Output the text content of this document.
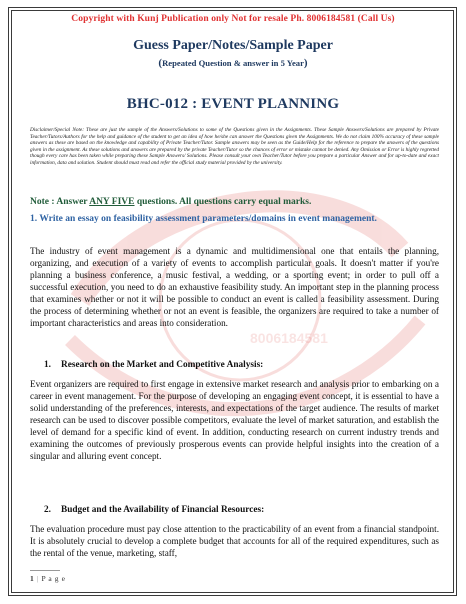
8006184581
Copyright with Kunj Publication only Not for resale Ph. 8006184581 (Call Us)
Guess Paper/Notes/Sample Paper
(Repeated Question & answer in 5 Year)
BHC-012 : EVENT PLANNING
Disclaimer/Special Note: These are just the sample of the Answers/Solutions to some of the Questions given in the Assignments. These Sample Answers/Solutions are prepared by Private Teacher/Tutors/Authors for the help and guidance of the student to get an idea of how he/she can answer the Questions given the Assignments. We do not claim 100% accuracy of these sample answers as these are based on the knowledge and capability of Private Teacher/Tutor. Sample answers may be seen as the Guide/Help for the reference to prepare the answers of the questions given in the assignment. As these solutions and answers are prepared by the private Teacher/Tutor so the chances of error or mistake cannot be denied. Any Omission or Error is highly regretted though every care has been taken while preparing these Sample Answers/ Solutions. Please consult your own Teacher/Tutor before you prepare a particular Answer and for up-to-date and exact information, data and solution. Student should must read and refer the official study material provided by the university.
Note : Answer ANY FIVE questions. All questions carry equal marks.
1. Write an essay on feasibility assessment parameters/domains in event management.
The industry of event management is a dynamic and multidimensional one that entails the planning, organizing, and execution of a variety of events to accomplish particular goals. It doesn't matter if you're planning a business conference, a music festival, a wedding, or a sporting event; in order to pull off a successful execution, you need to do an exhaustive feasibility study. An important step in the planning process that examines whether or not it will be possible to conduct an event is called a feasibility assessment. During the process of determining whether or not an event is feasible, the organizers are required to take a number of important characteristics and areas into consideration.
1. Research on the Market and Competitive Analysis:
Event organizers are required to first engage in extensive market research and analysis prior to embarking on a career in event management. For the purpose of developing an engaging event concept, it is essential to have a solid understanding of the preferences, interests, and expectations of the target audience. The results of market research can be used to discover possible competitors, evaluate the level of market saturation, and establish the level of demand for a specific kind of event. In addition, conducting research on current industry trends and examining the outcomes of previously prosperous events can provide helpful insights into the creation of a singular and alluring event concept.
2. Budget and the Availability of Financial Resources:
The evaluation procedure must pay close attention to the practicability of an event from a financial standpoint. It is absolutely crucial to develop a complete budget that accounts for all of the required expenditures, such as the rental of the venue, marketing, staff,
1 | P a g e
